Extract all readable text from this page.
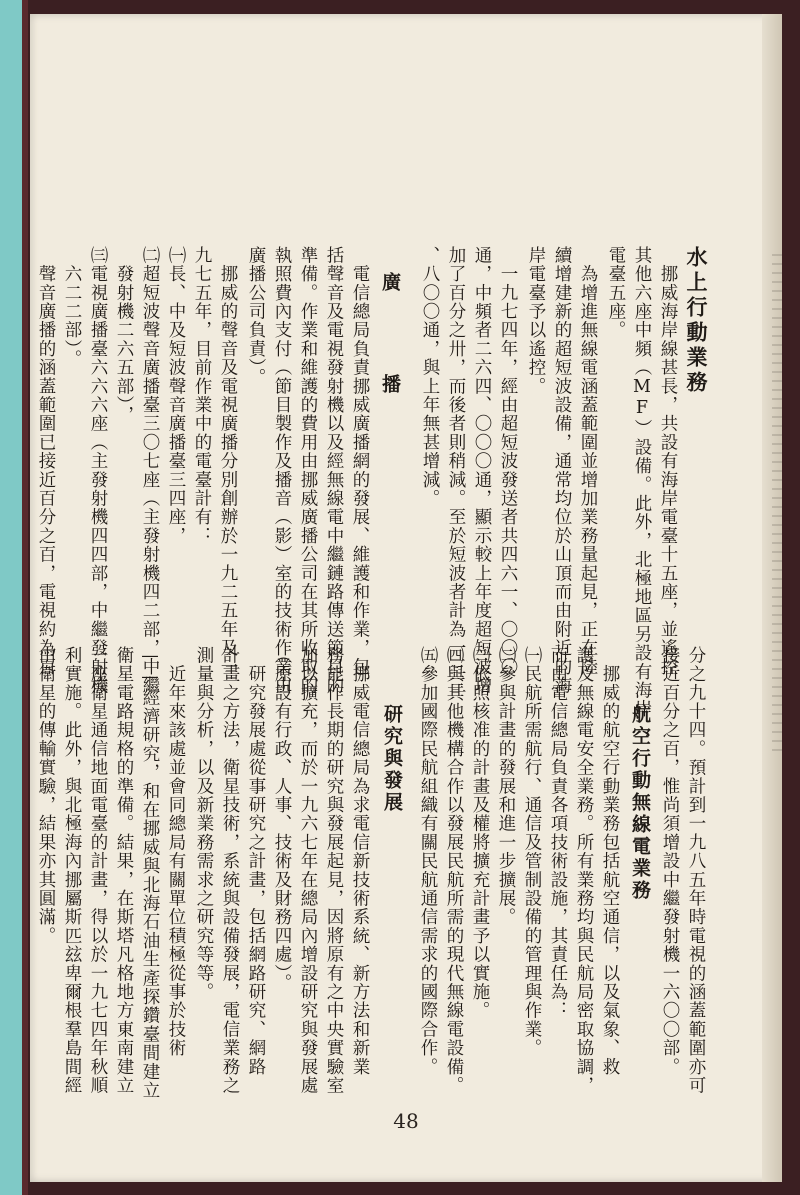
水上行動業務
　挪威海岸線甚長，共設有海岸電臺十五座，並遙控
其他六座中頻（MF）設備。此外，北極地區另設有海岸
電臺五座。
　為增進無線電涵蓋範圍並增加業務量起見，正在陸
續增建新的超短波設備，通常均位於山頂而由附近的海
岸電臺予以遙控。
　一九七四年，經由超短波發送者共四六一、〇〇〇
通，中頻者二六四、〇〇〇通，顯示較上年度超短波增
加了百分之卅，而後者則稍減。至於短波者計為一三三
、八〇〇通，與上年無甚增減。
廣　播
　電信總局負責挪威廣播網的發展、維護和作業，包
括聲音及電視發射機以及經無線電中繼鏈路傳送節目的
準備。作業和維護的費用由挪威廣播公司在其所收取的
執照費內支付（節目製作及播音（影）室的技術作業由
廣播公司負責）。
　挪威的聲音及電視廣播分別創辦於一九二五年及一
九七五年，目前作業中的電臺計有：
㈠長、中及短波聲音廣播臺三四座，
㈡超短波聲音廣播臺三〇七座（主發射機四二部，中繼
　發射機二六五部），
㈢電視廣播臺六六六座（主發射機四四部，中繼發射機
　六二二部）。
　聲音廣播的涵蓋範圍已接近百分之百，電視約為百
分之九十四。預計到一九八五年時電視的涵蓋範圍亦可
接近百分之百，惟尚須增設中繼發射機一六〇〇部。
航空行動無線電業務
　挪威的航空行動業務包括航空通信，以及氣象、救
護及無線電安全業務。所有業務均與民航局密取協調，
而由電信總局負責各項技術設施，其責任為：
㈠民航所需航行、通信及管制設備的管理與作業。
㈡參與計畫的發展和進一步擴展。
㈢依照核准的計畫及權將擴充計畫予以實施。
㈣與其他機構合作以發展民航所需的現代無線電設備。
㈤參加國際民航組織有關民航通信需求的國際合作。
研究與發展
　挪威電信總局為求電信新技術系統、新方法和新業
務能作長期的研究與發展起見，因將原有之中央實驗室
加以擴充，而於一九六七年在總局內增設研究與發展處
（原設有行政、人事、技術及財務四處）。
　研究發展處從事研究之計畫，包括網路研究、網路
計畫之方法，衛星技術，系統與設備發展，電信業務之
測量與分析，以及新業務需求之研究等等。
　近年來該處並會同總局有關單位積極從事於技術
——經濟研究，和在挪威與北海石油生產探鑽臺間建立
衛星電路規格的準備。結果，在斯塔凡格地方東南建立
一座衛星通信地面電臺的計畫，得以於一九七四年秋順
利實施。此外，與北極海內挪屬斯匹玆卑爾根羣島間經
由衛星的傳輸實驗，結果亦其圓滿。
48
